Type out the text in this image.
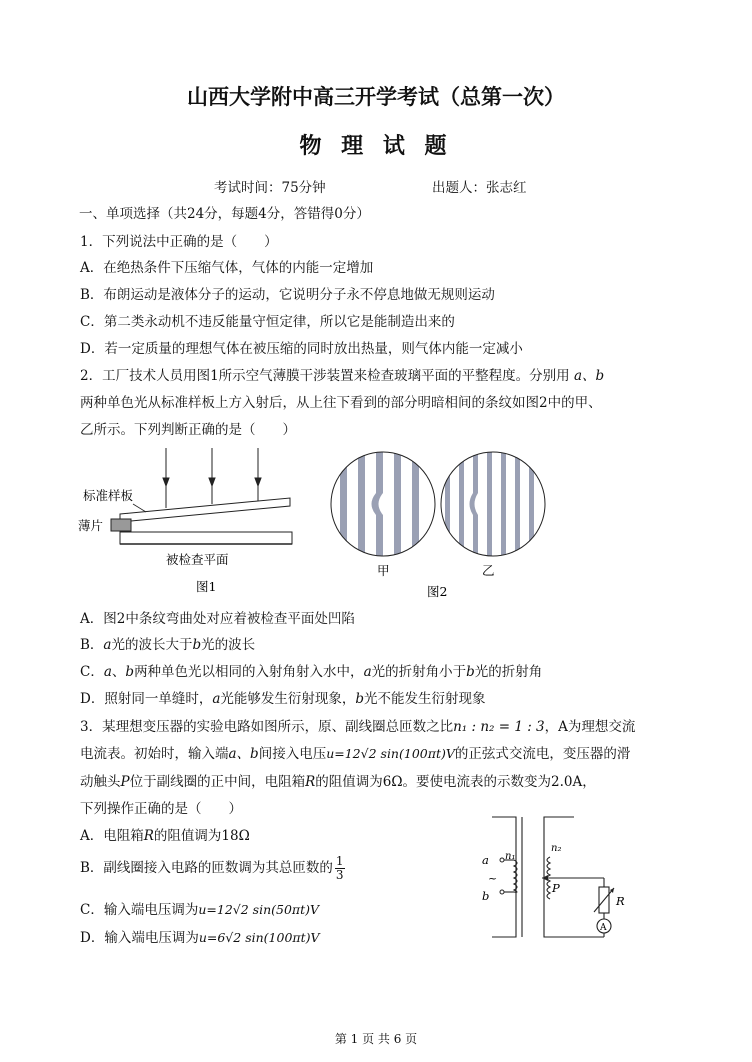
山西大学附中高三开学考试（总第一次）
物 理 试 题
考试时间：75分钟	出题人：张志红
一、单项选择（共24分，每题4分，答错得0分）
1．下列说法中正确的是（　　）
A．在绝热条件下压缩气体，气体的内能一定增加
B．布朗运动是液体分子的运动，它说明分子永不停息地做无规则运动
C．第二类永动机不违反能量守恒定律，所以它是能制造出来的
D．若一定质量的理想气体在被压缩的同时放出热量，则气体内能一定减小
2．工厂技术人员用图1所示空气薄膜干涉装置来检查玻璃平面的平整程度。分别用 a、b
两种单色光从标准样板上方入射后，从上往下看到的部分明暗相间的条纹如图2中的甲、
乙所示。下列判断正确的是（　　）
标准样板
薄片
被检查平面
图1
甲	乙
图2
A．图2中条纹弯曲处对应着被检查平面处凹陷
B．a光的波长大于b光的波长
C．a、b两种单色光以相同的入射角射入水中，a光的折射角小于b光的折射角
D．照射同一单缝时，a光能够发生衍射现象，b光不能发生衍射现象
3．某理想变压器的实验电路如图所示，原、副线圈总匝数之比n₁ : n₂ = 1 : 3，A为理想交流
电流表。初始时，输入端a、b间接入电压u=12√2 sin(100πt)V的正弦式交流电，变压器的滑
动触头P位于副线圈的正中间，电阻箱R的阻值调为6Ω。要使电流表的示数变为2.0A，
下列操作正确的是（　　）
A．电阻箱R的阻值调为18Ω
B．副线圈接入电路的匝数调为其总匝数的 $\frac{1}{3}$
C．输入端电压调为u=12√2 sin(50πt)V
D．输入端电压调为u=6√2 sin(100πt)V
a
b
~
n₁
n₂
P
R
A
第 1 页 共 6 页
